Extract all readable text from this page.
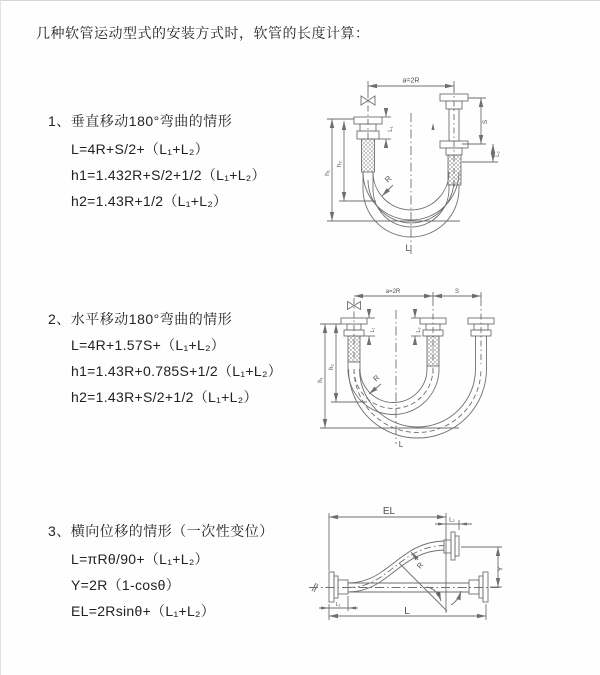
几种软管运动型式的安装方式时，软管的长度计算：
1、垂直移动180°弯曲的情形
L=4R+S/2+（L₁+L₂）
h1=1.432R+S/2+1/2（L₁+L₂）
h2=1.43R+1/2（L₁+L₂）
a=2R
h₁
h₂
L₁
S
L₂
R
L
2、水平移动180°弯曲的情形
L=4R+1.57S+（L₁+L₂）
h1=1.43R+0.785S+1/2（L₁+L₂）
h2=1.43R+S/2+1/2（L₁+L₂）
a=2R	S
h₁
h₂
L₁	L₂
R
L
3、横向位移的情形（一次性变位）
L=πRθ/90+（L₁+L₂）
Y=2R（1-cosθ）
EL=2Rsinθ+（L₁+L₂）
EL
L₂
R	Y
θ
L
L₁
